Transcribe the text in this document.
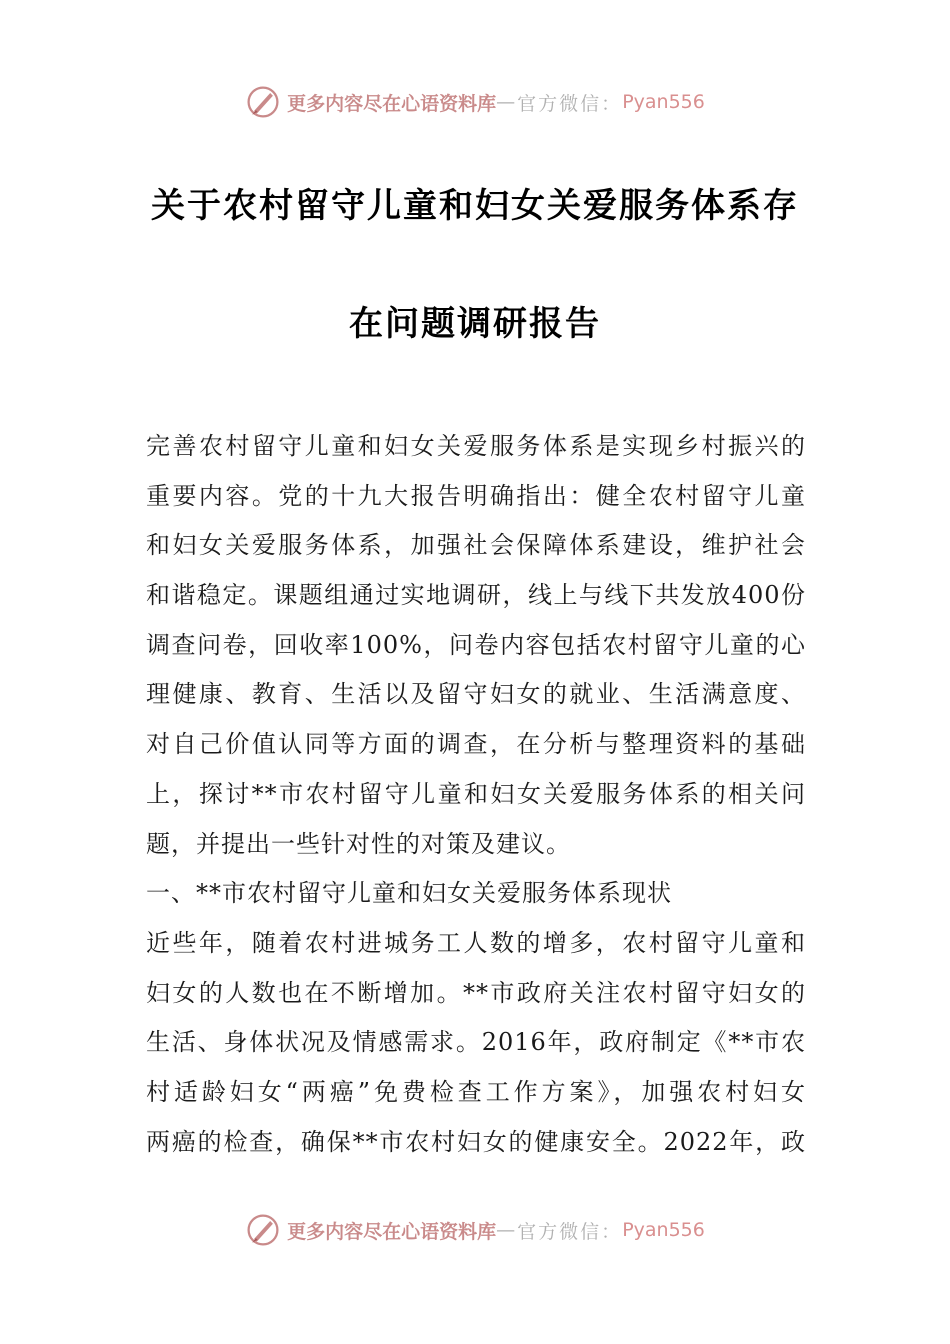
更多内容尽在心语资料库 — 官方微信： Pyan556
关于农村留守儿童和妇女关爱服务体系存
在问题调研报告
完善农村留守儿童和妇女关爱服务体系是实现乡村振兴的
重要内容。党的十九大报告明确指出：健全农村留守儿童
和妇女关爱服务体系，加强社会保障体系建设，维护社会
和谐稳定。课题组通过实地调研，线上与线下共发放400份
调查问卷，回收率100%，问卷内容包括农村留守儿童的心
理健康、教育、生活以及留守妇女的就业、生活满意度、
对自己价值认同等方面的调查，在分析与整理资料的基础
上，探讨**市农村留守儿童和妇女关爱服务体系的相关问
题，并提出一些针对性的对策及建议。
一、**市农村留守儿童和妇女关爱服务体系现状
近些年，随着农村进城务工人数的增多，农村留守儿童和
妇女的人数也在不断增加。**市政府关注农村留守妇女的
生活、身体状况及情感需求。2016年，政府制定《**市农
村适龄妇女“两癌”免费检查工作方案》，加强农村妇女
两癌的检查，确保**市农村妇女的健康安全。2022年，政
更多内容尽在心语资料库 — 官方微信： Pyan556
